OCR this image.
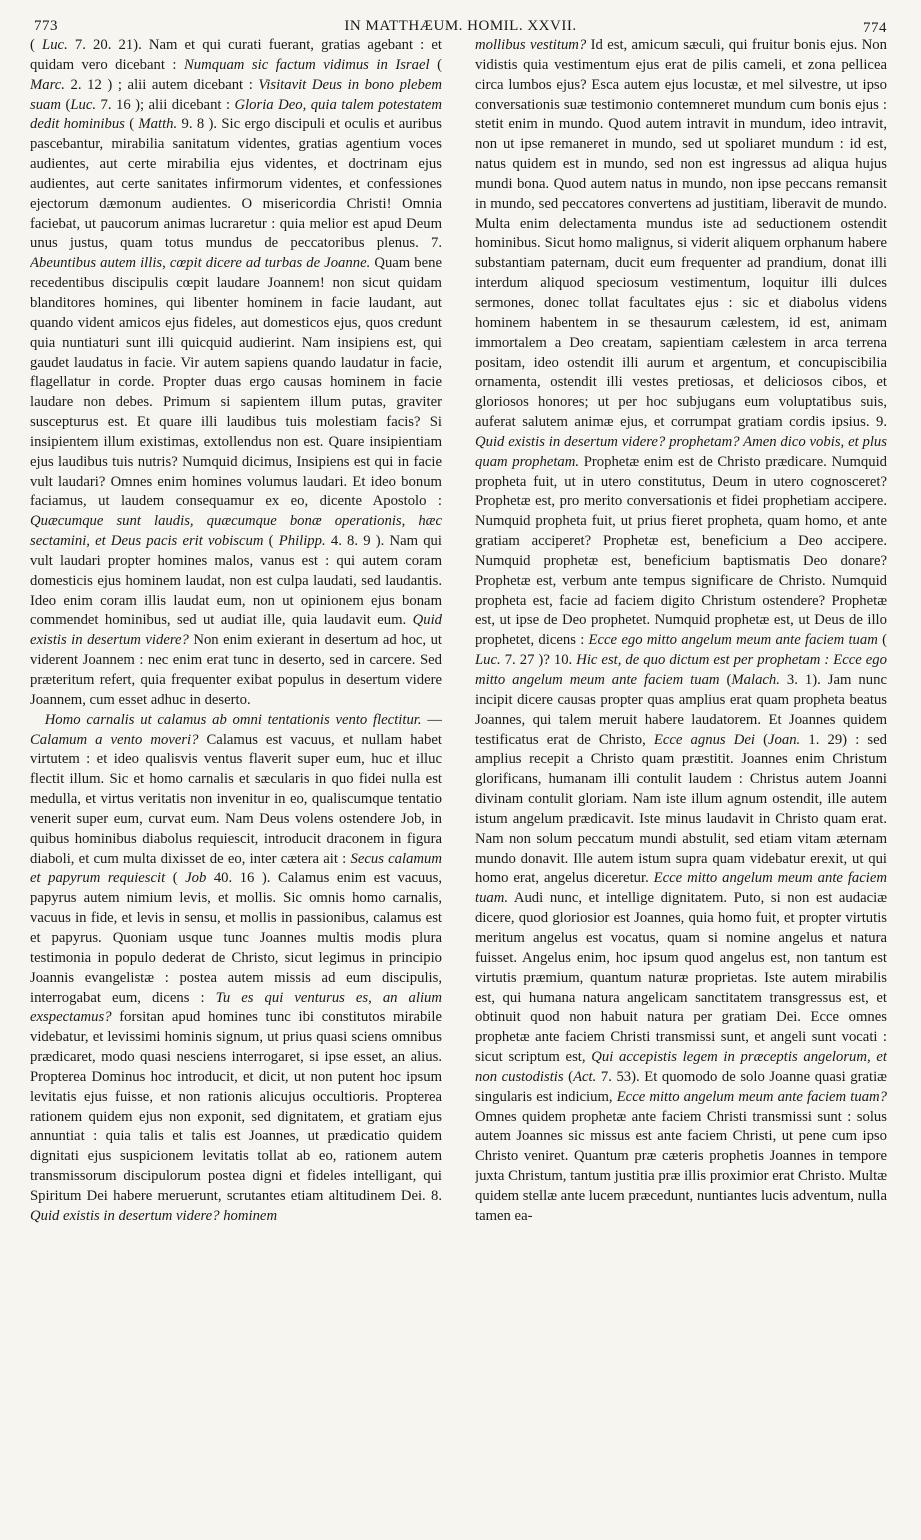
773	IN MATTHÆUM. HOMIL. XXVII.	774

( Luc. 7. 20. 21). Nam et qui curati fuerant, gratias agebant : et quidam vero dicebant : Numquam sic factum vidimus in Israel ( Marc. 2. 12 ) ; alii autem dicebant : Visitavit Deus in bono plebem suam (Luc. 7. 16 ); alii dicebant : Gloria Deo, quia talem potestatem dedit hominibus ( Matth. 9. 8 ). Sic ergo discipuli et oculis et auribus pascebantur, mirabilia sanitatum videntes, gratias agentium voces audientes, aut certe mirabilia ejus videntes, et doctrinam ejus audientes, aut certe sanitates infirmorum videntes, et confessiones ejectorum dæmonum audientes. O misericordia Christi! Omnia faciebat, ut paucorum animas lucraretur : quia melior est apud Deum unus justus, quam totus mundus de peccatoribus plenus. 7. Abeuntibus autem illis, cœpit dicere ad turbas de Joanne. Quam bene recedentibus discipulis cœpit laudare Joannem! non sicut quidam blanditores homines, qui libenter hominem in facie laudant, aut quando vident amicos ejus fideles, aut domesticos ejus, quos credunt quia nuntiaturi sunt illi quicquid audierint. Nam insipiens est, qui gaudet laudatus in facie. Vir autem sapiens quando laudatur in facie, flagellatur in corde. Propter duas ergo causas hominem in facie laudare non debes. Primum si sapientem illum putas, graviter suscepturus est. Et quare illi laudibus tuis molestiam facis? Si insipientem illum existimas, extollendus non est. Quare insipientiam ejus laudibus tuis nutris? Numquid dicimus, Insipiens est qui in facie vult laudari? Omnes enim homines volumus laudari. Et ideo bonum faciamus, ut laudem consequamur ex eo, dicente Apostolo : Quæcumque sunt laudis, quæcumque bonæ operationis, hæc sectamini, et Deus pacis erit vobiscum ( Philipp. 4. 8. 9 ). Nam qui vult laudari propter homines malos, vanus est : qui autem coram domesticis ejus hominem laudat, non est culpa laudati, sed laudantis. Ideo enim coram illis laudat eum, non ut opinionem ejus bonam commendet hominibus, sed ut audiat ille, quia laudavit eum. Quid existis in desertum videre? Non enim exierant in desertum ad hoc, ut viderent Joannem : nec enim erat tunc in deserto, sed in carcere. Sed præteritum refert, quia frequenter exibat populus in desertum videre Joannem, cum esset adhuc in deserto.
 Homo carnalis ut calamus ab omni tentationis vento flectitur. — Calamum a vento moveri? Calamus est vacuus, et nullam habet virtutem : et ideo qualisvis ventus flaverit super eum, huc et illuc flectit illum. Sic et homo carnalis et sæcularis in quo fidei nulla est medulla, et virtus veritatis non invenitur in eo, qualiscumque tentatio venerit super eum, curvat eum. Nam Deus volens ostendere Job, in quibus hominibus diabolus requiescit, introducit draconem in figura diaboli, et cum multa dixisset de eo, inter cætera ait : Secus calamum et papyrum requiescit ( Job 40. 16 ). Calamus enim est vacuus, papyrus autem nimium levis, et mollis. Sic omnis homo carnalis, vacuus in fide, et levis in sensu, et mollis in passionibus, calamus est et papyrus. Quoniam usque tunc Joannes multis modis plura testimonia in populo dederat de Christo, sicut legimus in principio Joannis evangelistæ : postea autem missis ad eum discipulis, interrogabat eum, dicens : Tu es qui venturus es, an alium exspectamus? forsitan apud homines tunc ibi constitutos mirabile videbatur, et levissimi hominis signum, ut prius quasi sciens omnibus prædicaret, modo quasi nesciens interrogaret, si ipse esset, an alius. Propterea Dominus hoc introducit, et dicit, ut non putent hoc ipsum levitatis ejus fuisse, et non rationis alicujus occultioris. Propterea rationem quidem ejus non exponit, sed dignitatem, et gratiam ejus annuntiat : quia talis et talis est Joannes, ut prædicatio quidem dignitati ejus suspicionem levitatis tollat ab eo, rationem autem transmissorum discipulorum postea digni et fideles intelligant, qui Spiritum Dei habere meruerunt, scrutantes etiam altitudinem Dei. 8. Quid existis in desertum videre? hominem

mollibus vestitum? Id est, amicum sæculi, qui fruitur bonis ejus. Non vidistis quia vestimentum ejus erat de pilis cameli, et zona pellicea circa lumbos ejus? Esca autem ejus locustæ, et mel silvestre, ut ipso conversationis suæ testimonio contemneret mundum cum bonis ejus : stetit enim in mundo. Quod autem intravit in mundum, ideo intravit, non ut ipse remaneret in mundo, sed ut spoliaret mundum : id est, natus quidem est in mundo, sed non est ingressus ad aliqua hujus mundi bona. Quod autem natus in mundo, non ipse peccans remansit in mundo, sed peccatores convertens ad justitiam, liberavit de mundo. Multa enim delectamenta mundus iste ad seductionem ostendit hominibus. Sicut homo malignus, si viderit aliquem orphanum habere substantiam paternam, ducit eum frequenter ad prandium, donat illi interdum aliquod speciosum vestimentum, loquitur illi dulces sermones, donec tollat facultates ejus : sic et diabolus videns hominem habentem in se thesaurum cælestem, id est, animam immortalem a Deo creatam, sapientiam cælestem in arca terrena positam, ideo ostendit illi aurum et argentum, et concupiscibilia ornamenta, ostendit illi vestes pretiosas, et deliciosos cibos, et gloriosos honores; ut per hoc subjugans eum voluptatibus suis, auferat salutem animæ ejus, et corrumpat gratiam cordis ipsius. 9. Quid existis in desertum videre? prophetam? Amen dico vobis, et plus quam prophetam. Prophetæ enim est de Christo prædicare. Numquid propheta fuit, ut in utero constitutus, Deum in utero cognosceret? Prophetæ est, pro merito conversationis et fidei prophetiam accipere. Numquid propheta fuit, ut prius fieret propheta, quam homo, et ante gratiam acciperet? Prophetæ est, beneficium a Deo accipere. Numquid prophetæ est, beneficium baptismatis Deo donare? Prophetæ est, verbum ante tempus significare de Christo. Numquid propheta est, facie ad faciem digito Christum ostendere? Prophetæ est, ut ipse de Deo prophetet. Numquid prophetæ est, ut Deus de illo prophetet, dicens : Ecce ego mitto angelum meum ante faciem tuam ( Luc. 7. 27 )? 10. Hic est, de quo dictum est per prophetam : Ecce ego mitto angelum meum ante faciem tuam (Malach. 3. 1). Jam nunc incipit dicere causas propter quas amplius erat quam propheta beatus Joannes, qui talem meruit habere laudatorem. Et Joannes quidem testificatus erat de Christo, Ecce agnus Dei (Joan. 1. 29) : sed amplius recepit a Christo quam præstitit. Joannes enim Christum glorificans, humanam illi contulit laudem : Christus autem Joanni divinam contulit gloriam. Nam iste illum agnum ostendit, ille autem istum angelum prædicavit. Iste minus laudavit in Christo quam erat. Nam non solum peccatum mundi abstulit, sed etiam vitam æternam mundo donavit. Ille autem istum supra quam videbatur erexit, ut qui homo erat, angelus diceretur. Ecce mitto angelum meum ante faciem tuam. Audi nunc, et intellige dignitatem. Puto, si non est audaciæ dicere, quod gloriosior est Joannes, quia homo fuit, et propter virtutis meritum angelus est vocatus, quam si nomine angelus et natura fuisset. Angelus enim, hoc ipsum quod angelus est, non tantum est virtutis præmium, quantum naturæ proprietas. Iste autem mirabilis est, qui humana natura angelicam sanctitatem transgressus est, et obtinuit quod non habuit natura per gratiam Dei. Ecce omnes prophetæ ante faciem Christi transmissi sunt, et angeli sunt vocati : sicut scriptum est, Qui accepistis legem in præceptis angelorum, et non custodistis (Act. 7. 53). Et quomodo de solo Joanne quasi gratiæ singularis est indicium, Ecce mitto angelum meum ante faciem tuam? Omnes quidem prophetæ ante faciem Christi transmissi sunt : solus autem Joannes sic missus est ante faciem Christi, ut pene cum ipso Christo veniret. Quantum præ cæteris prophetis Joannes in tempore juxta Christum, tantum justitia præ illis proximior erat Christo. Multæ quidem stellæ ante lucem præcedunt, nuntiantes lucis adventum, nulla tamen ea-
